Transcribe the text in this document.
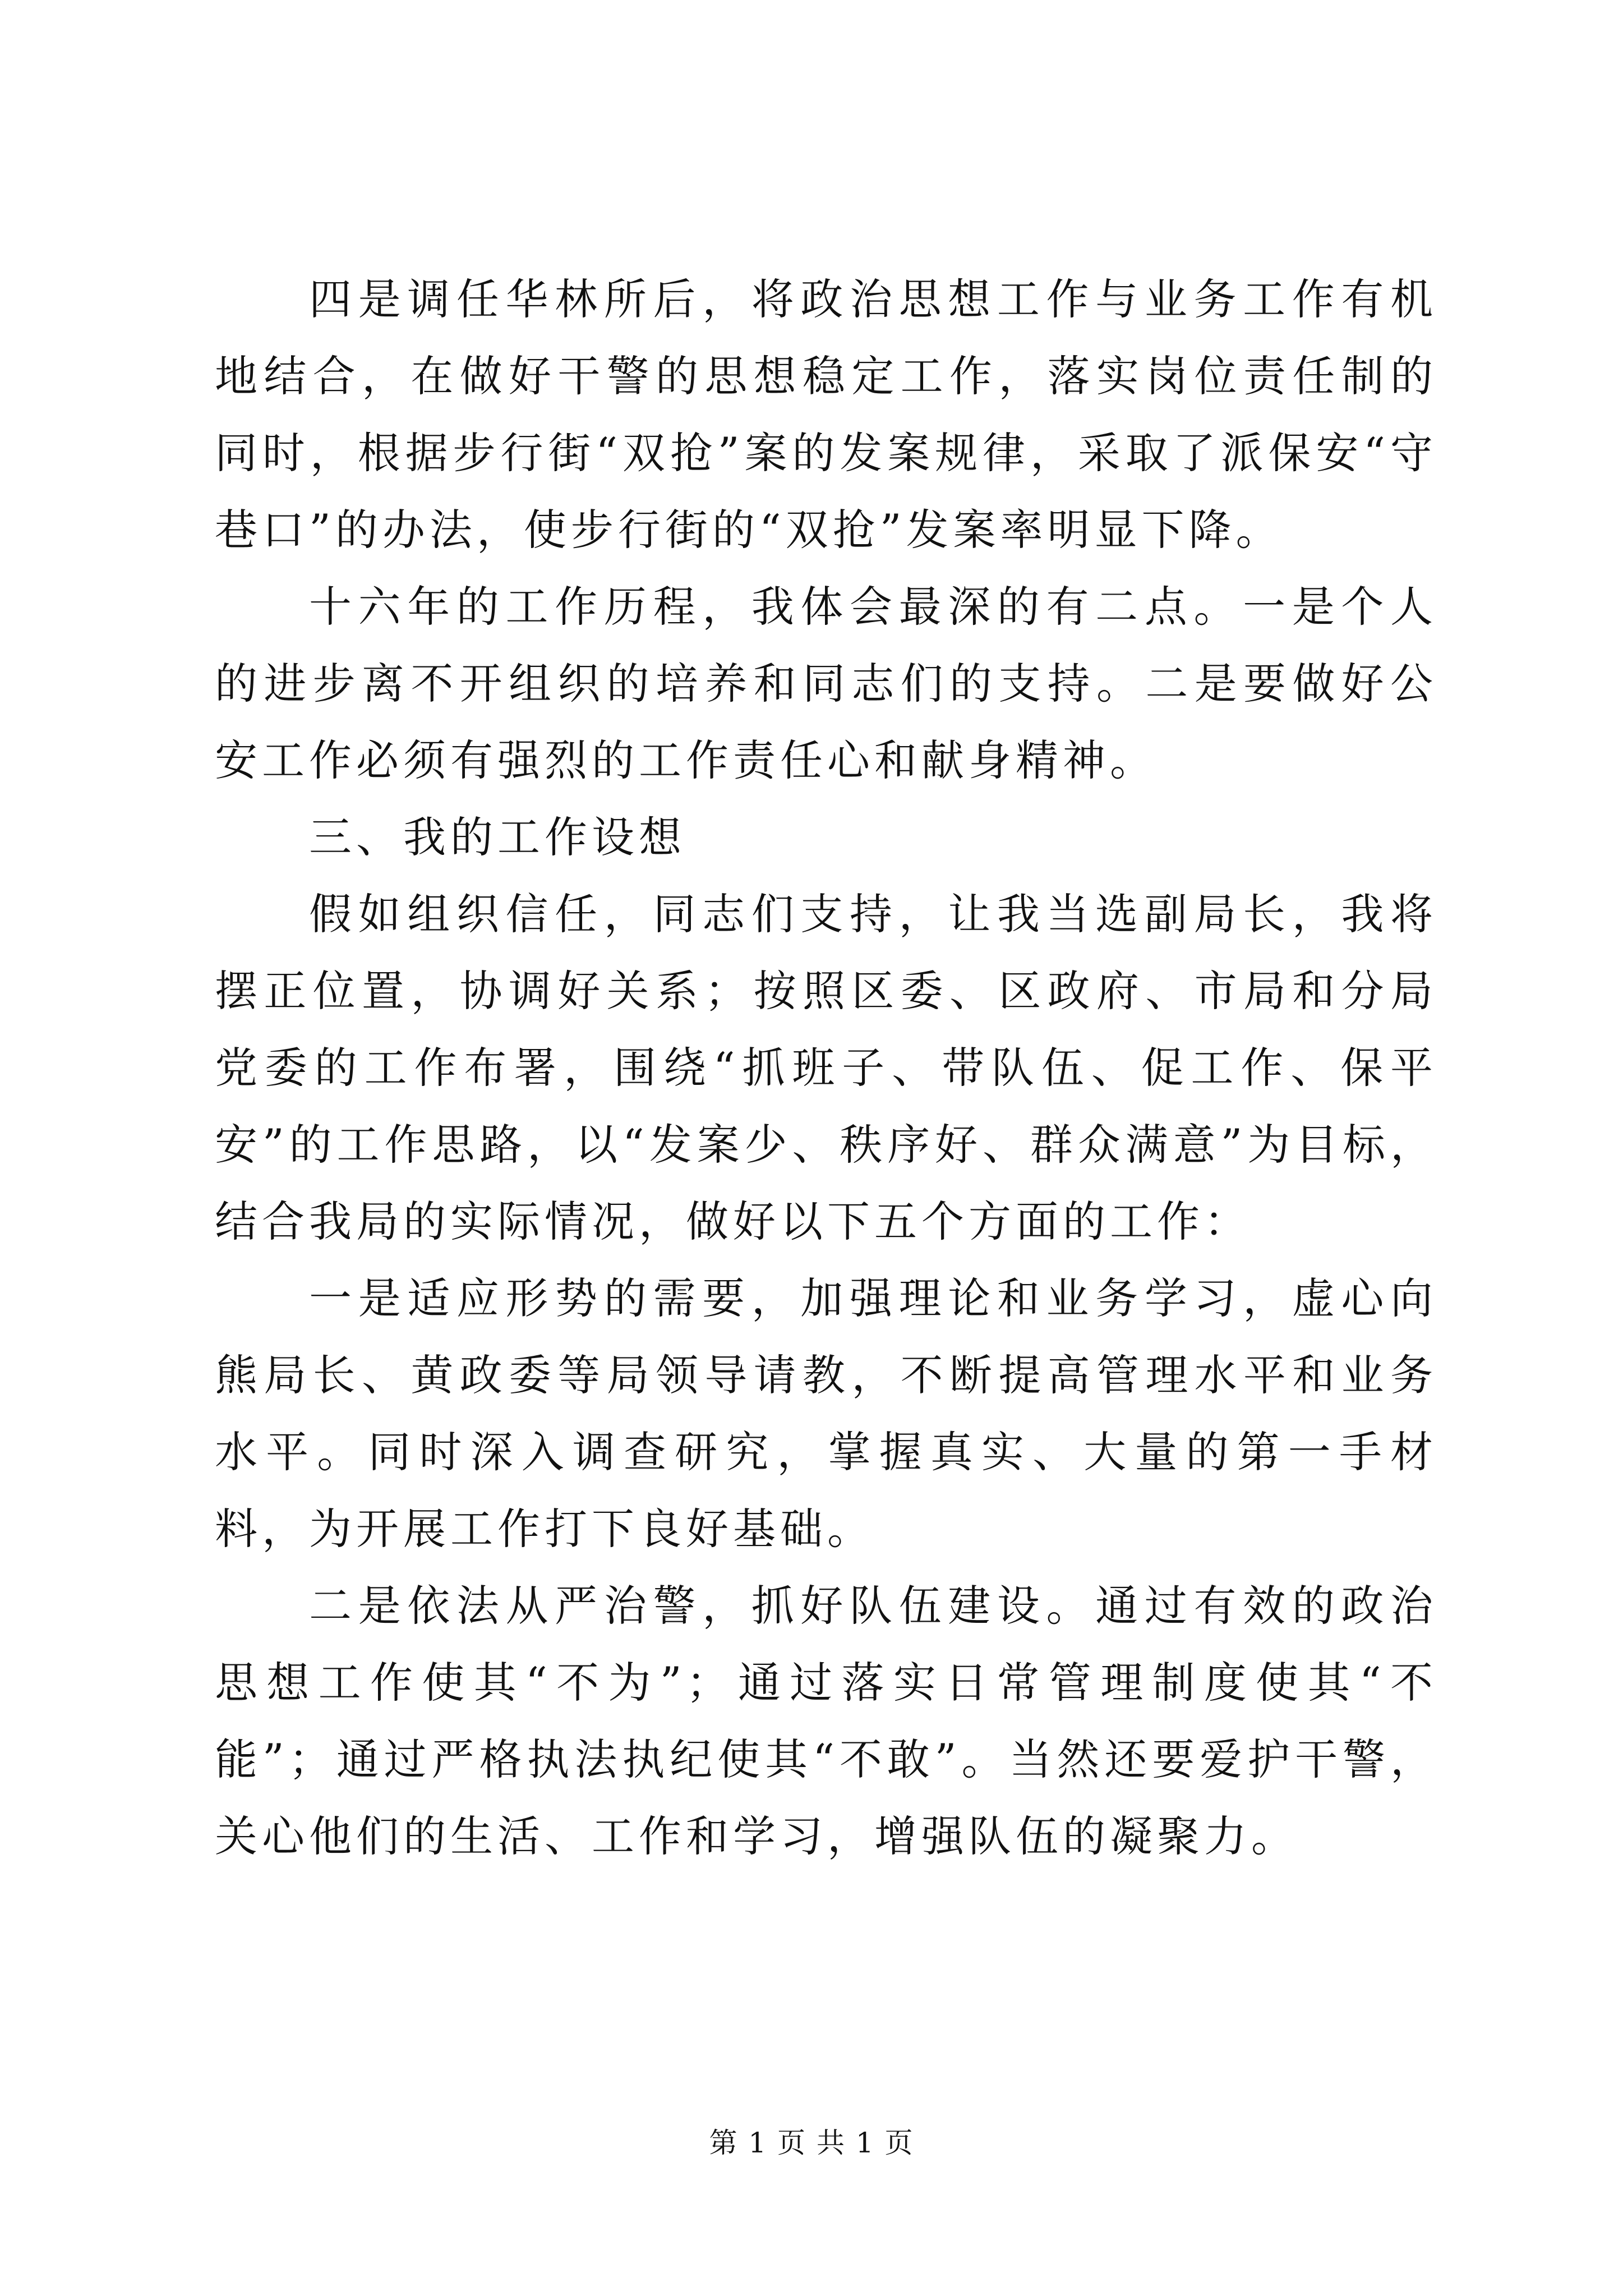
四是调任华林所后，将政治思想工作与业务工作有机地结合，在做好干警的思想稳定工作，落实岗位责任制的同时，根据步行街“双抢”案的发案规律，采取了派保安“守巷口”的办法，使步行街的“双抢”发案率明显下降。

十六年的工作历程，我体会最深的有二点。一是个人的进步离不开组织的培养和同志们的支持。二是要做好公安工作必须有强烈的工作责任心和献身精神。

三、我的工作设想

假如组织信任，同志们支持，让我当选副局长，我将摆正位置，协调好关系；按照区委、区政府、市局和分局党委的工作布署，围绕“抓班子、带队伍、促工作、保平安”的工作思路，以“发案少、秩序好、群众满意”为目标，结合我局的实际情况，做好以下五个方面的工作：

一是适应形势的需要，加强理论和业务学习，虚心向熊局长、黄政委等局领导请教，不断提高管理水平和业务水平。同时深入调查研究，掌握真实、大量的第一手材料，为开展工作打下良好基础。

二是依法从严治警，抓好队伍建设。通过有效的政治思想工作使其“不为”；通过落实日常管理制度使其“不能”；通过严格执法执纪使其“不敢”。当然还要爱护干警，关心他们的生活、工作和学习，增强队伍的凝聚力。

第 1 页 共 1 页
